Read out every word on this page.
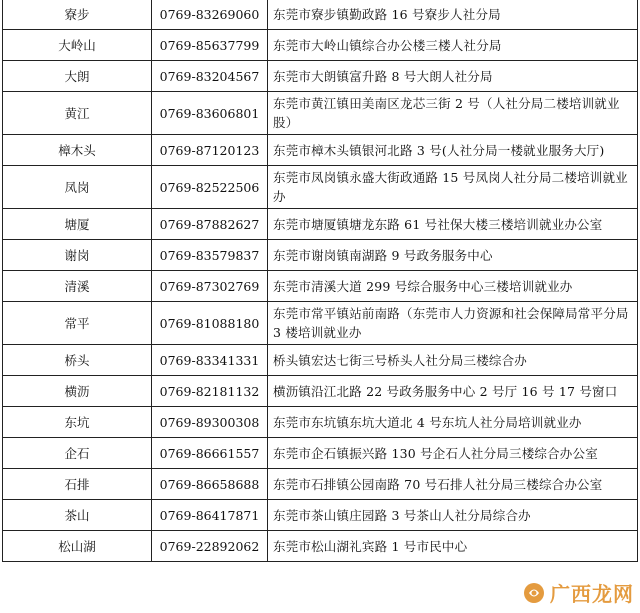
寮步	0769-83269060	东莞市寮步镇勤政路 16 号寮步人社分局
大岭山	0769-85637799	东莞市大岭山镇综合办公楼三楼人社分局
大朗	0769-83204567	东莞市大朗镇富升路 8 号大朗人社分局
黄江	0769-83606801	东莞市黄江镇田美南区龙芯三街 2 号（人社分局二楼培训就业股）
樟木头	0769-87120123	东莞市樟木头镇银河北路 3 号(人社分局一楼就业服务大厅)
凤岗	0769-82522506	东莞市凤岗镇永盛大街政通路 15 号凤岗人社分局二楼培训就业办
塘厦	0769-87882627	东莞市塘厦镇塘龙东路 61 号社保大楼三楼培训就业办公室
谢岗	0769-83579837	东莞市谢岗镇南湖路 9 号政务服务中心
清溪	0769-87302769	东莞市清溪大道 299 号综合服务中心三楼培训就业办
常平	0769-81088180	东莞市常平镇站前南路（东莞市人力资源和社会保障局常平分局 3 楼培训就业办
桥头	0769-83341331	桥头镇宏达七街三号桥头人社分局三楼综合办
横沥	0769-82181132	横沥镇沿江北路 22 号政务服务中心 2 号厅 16 号 17 号窗口
东坑	0769-89300308	东莞市东坑镇东坑大道北 4 号东坑人社分局培训就业办
企石	0769-86661557	东莞市企石镇振兴路 130 号企石人社分局三楼综合办公室
石排	0769-86658688	东莞市石排镇公园南路 70 号石排人社分局三楼综合办公室
茶山	0769-86417871	东莞市茶山镇庄园路 3 号茶山人社分局综合办
松山湖	0769-22892062	东莞市松山湖礼宾路 1 号市民中心
广西龙网
